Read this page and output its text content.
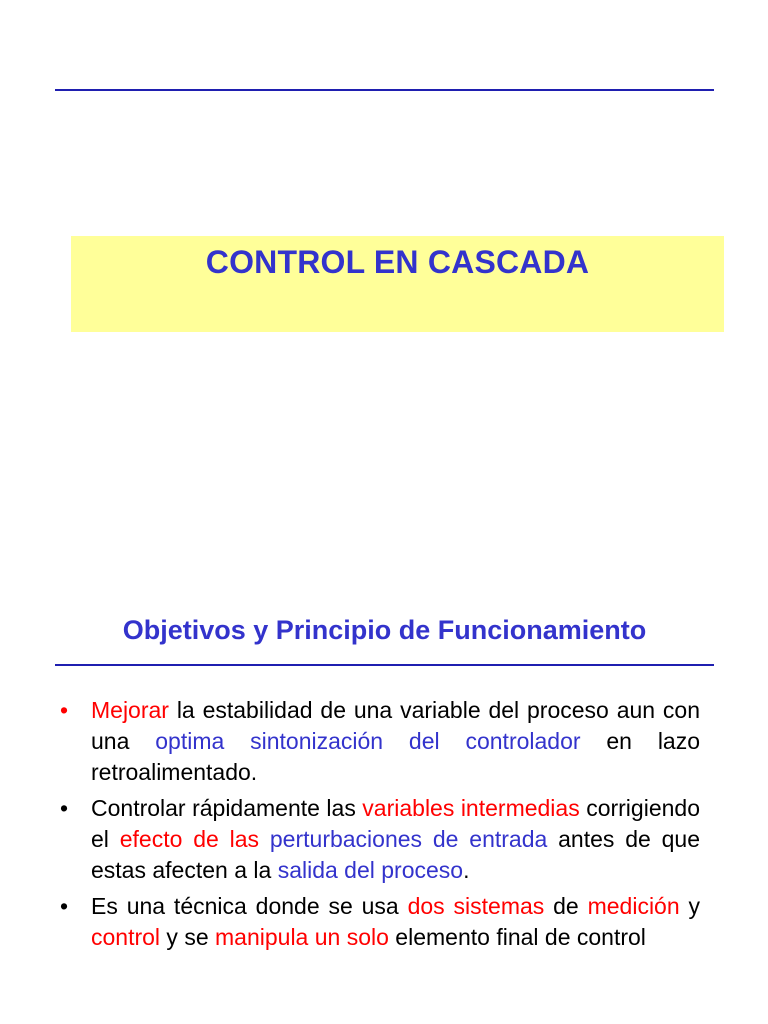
CONTROL EN CASCADA
Objetivos y Principio de Funcionamiento
• Mejorar la estabilidad de una variable del proceso aun con una optima sintonización del controlador en lazo retroalimentado.
• Controlar rápidamente las variables intermedias corrigiendo el efecto de las perturbaciones de entrada antes de que estas afecten a la salida del proceso.
• Es una técnica donde se usa dos sistemas de medición y control y se manipula un solo elemento final de control
